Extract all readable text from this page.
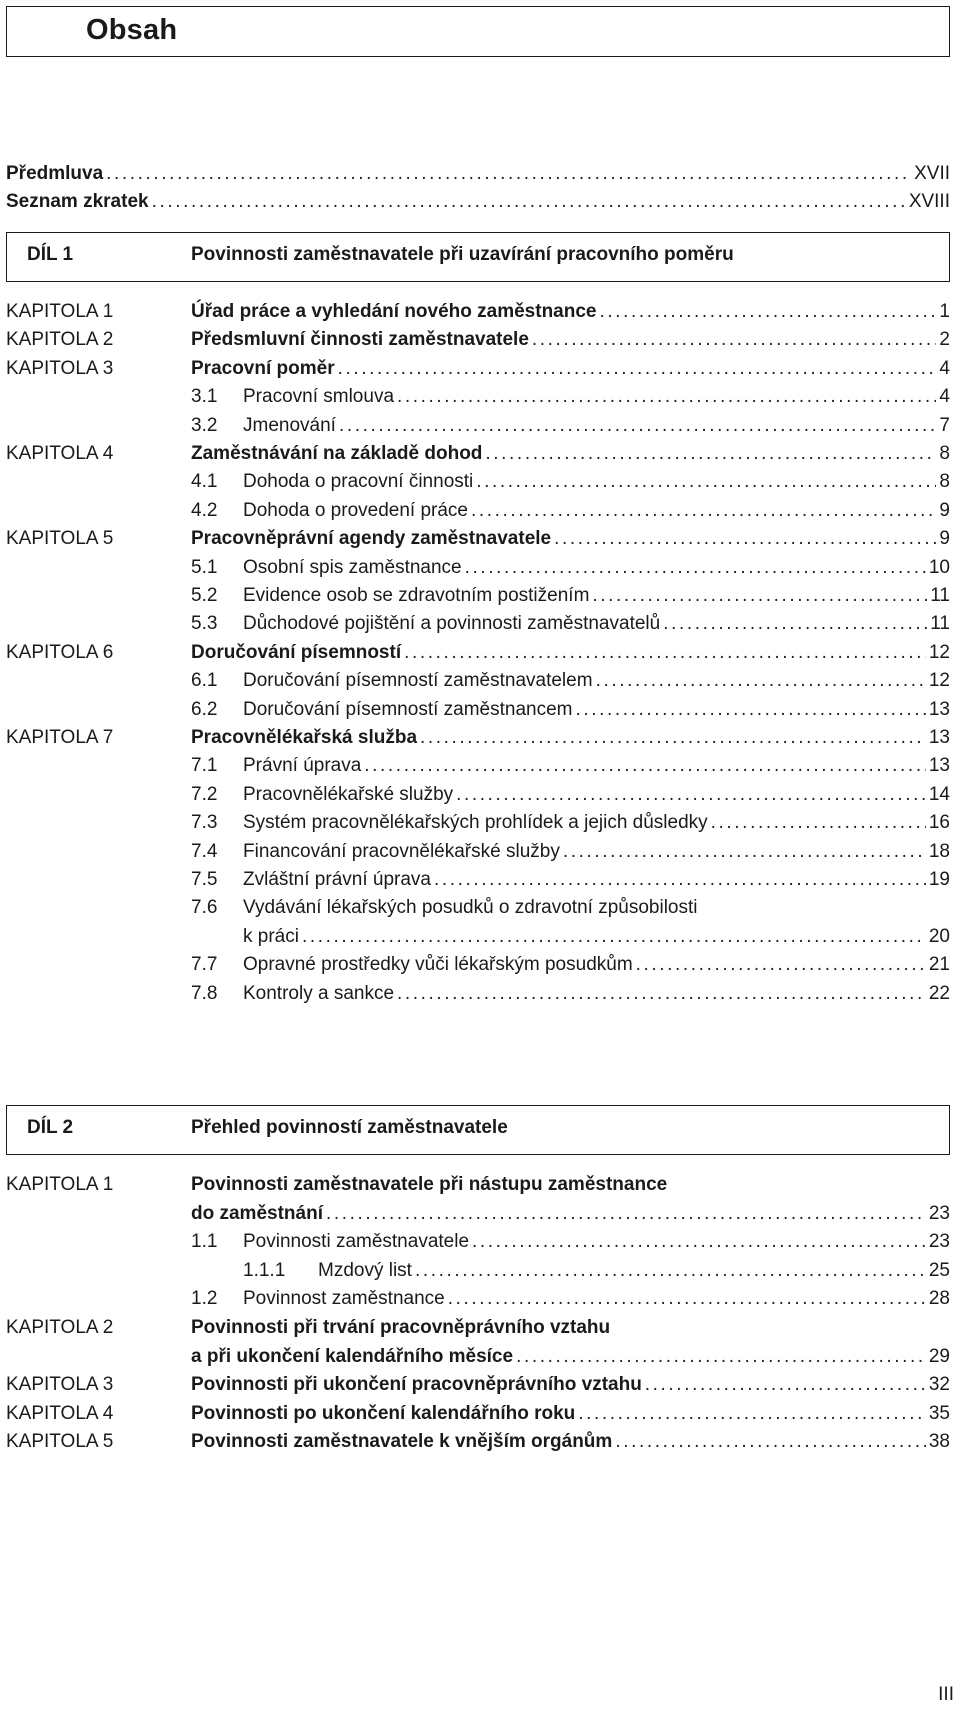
Obsah
Předmluva .....	XVII
Seznam zkratek .....	XVIII
DÍL 1	Povinnosti zaměstnavatele při uzavírání pracovního poměru
KAPITOLA 1	Úřad práce a vyhledání nového zaměstnance .....	1
KAPITOLA 2	Předsmluvní činnosti zaměstnavatele .....	2
KAPITOLA 3	Pracovní poměr .....	4
3.1 Pracovní smlouva .....	4
3.2 Jmenování .....	7
KAPITOLA 4	Zaměstnávání na základě dohod .....	8
4.1 Dohoda o pracovní činnosti .....	8
4.2 Dohoda o provedení práce .....	9
KAPITOLA 5	Pracovněprávní agendy zaměstnavatele .....	9
5.1 Osobní spis zaměstnance .....	10
5.2 Evidence osob se zdravotním postižením .....	11
5.3 Důchodové pojištění a povinnosti zaměstnavatelů .....	11
KAPITOLA 6	Doručování písemností .....	12
6.1 Doručování písemností zaměstnavatelem .....	12
6.2 Doručování písemností zaměstnancem .....	13
KAPITOLA 7	Pracovnělékařská služba .....	13
7.1 Právní úprava .....	13
7.2 Pracovnělékařské služby .....	14
7.3 Systém pracovnělékařských prohlídek a jejich důsledky .....	16
7.4 Financování pracovnělékařské služby .....	18
7.5 Zvláštní právní úprava .....	19
7.6 Vydávání lékařských posudků o zdravotní způsobilosti
k práci .....	20
7.7 Opravné prostředky vůči lékařským posudkům .....	21
7.8 Kontroly a sankce .....	22
DÍL 2	Přehled povinností zaměstnavatele
KAPITOLA 1	Povinnosti zaměstnavatele při nástupu zaměstnance
do zaměstnání .....	23
1.1 Povinnosti zaměstnavatele .....	23
1.1.1 Mzdový list .....	25
1.2 Povinnost zaměstnance .....	28
KAPITOLA 2	Povinnosti při trvání pracovněprávního vztahu
a při ukončení kalendářního měsíce .....	29
KAPITOLA 3	Povinnosti při ukončení pracovněprávního vztahu .....	32
KAPITOLA 4	Povinnosti po ukončení kalendářního roku .....	35
KAPITOLA 5	Povinnosti zaměstnavatele k vnějším orgánům .....	38
III
